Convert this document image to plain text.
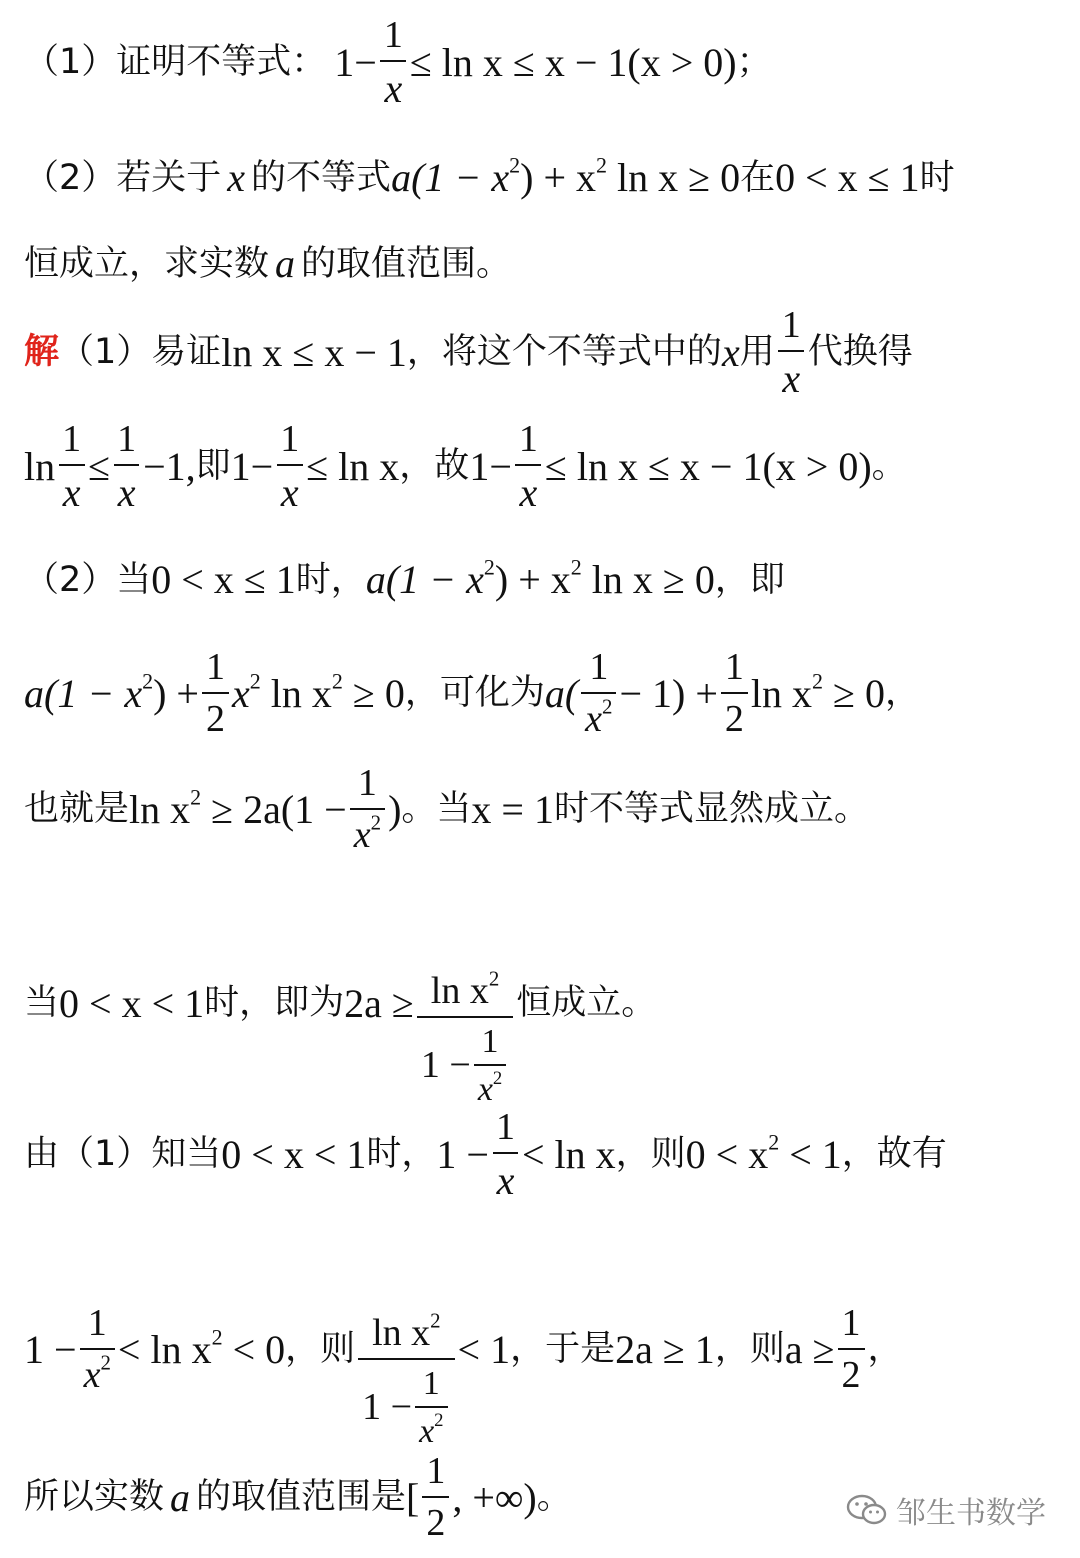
（1）证明不等式： $1- \frac{1}{x} \le \ln x \le x - 1(x > 0)$ ；
（2）若关于 x 的不等式 $a(1 - x^2) + x^2$ ln x ≥ 0 在 0 < x ≤ 1 时
恒成立，求实数 a 的取值范围。
解 （1）易证 ln x ≤ x − 1 ，将这个不等式中的 x 用 $\frac{1}{x}$ 代换得
$\ln \frac{1}{x} \le \frac{1}{x} -1$, 即 $1- \frac{1}{x} \le \ln x$ ，故 $1- \frac{1}{x} \le \ln x \le x - 1(x > 0)$ 。
（2）当 0 < x ≤ 1 时， $a(1 - x^2) + x^2$ ln x ≥ 0 ，即
$a(1 - x^2) + \frac{1}{2} x^2$ $\ln x^2 \ge 0$ ，可化为 $a( \frac{1}{x^2} - 1) + \frac{1}{2}$ $\ln x^2 \ge 0$ ，
也就是 $\ln x^2 \ge 2a(1 - \frac{1}{x^2}$ ) 。当 x = 1 时不等式显然成立。
当 0 < x < 1 时，即为 $2a \ge \frac{\ln x^2}{1 - \frac{1}{x^2}}$ 恒成立。
由（1）知当 0 < x < 1 时， $1 - \frac{1}{x} < \ln x$ ，则 $0 < x^2 < 1$ ，故有
$1 - \frac{1}{x^2} < \ln x^2 < 0$ ，则 $\frac{\ln x^2}{1 - \frac{1}{x^2}} < 1$ ，于是 2a ≥ 1 ，则 $a \ge \frac{1}{2}$ ，
所以实数 a 的取值范围是 [ $\frac{1}{2}$ , +∞) 。	邹生书数学
